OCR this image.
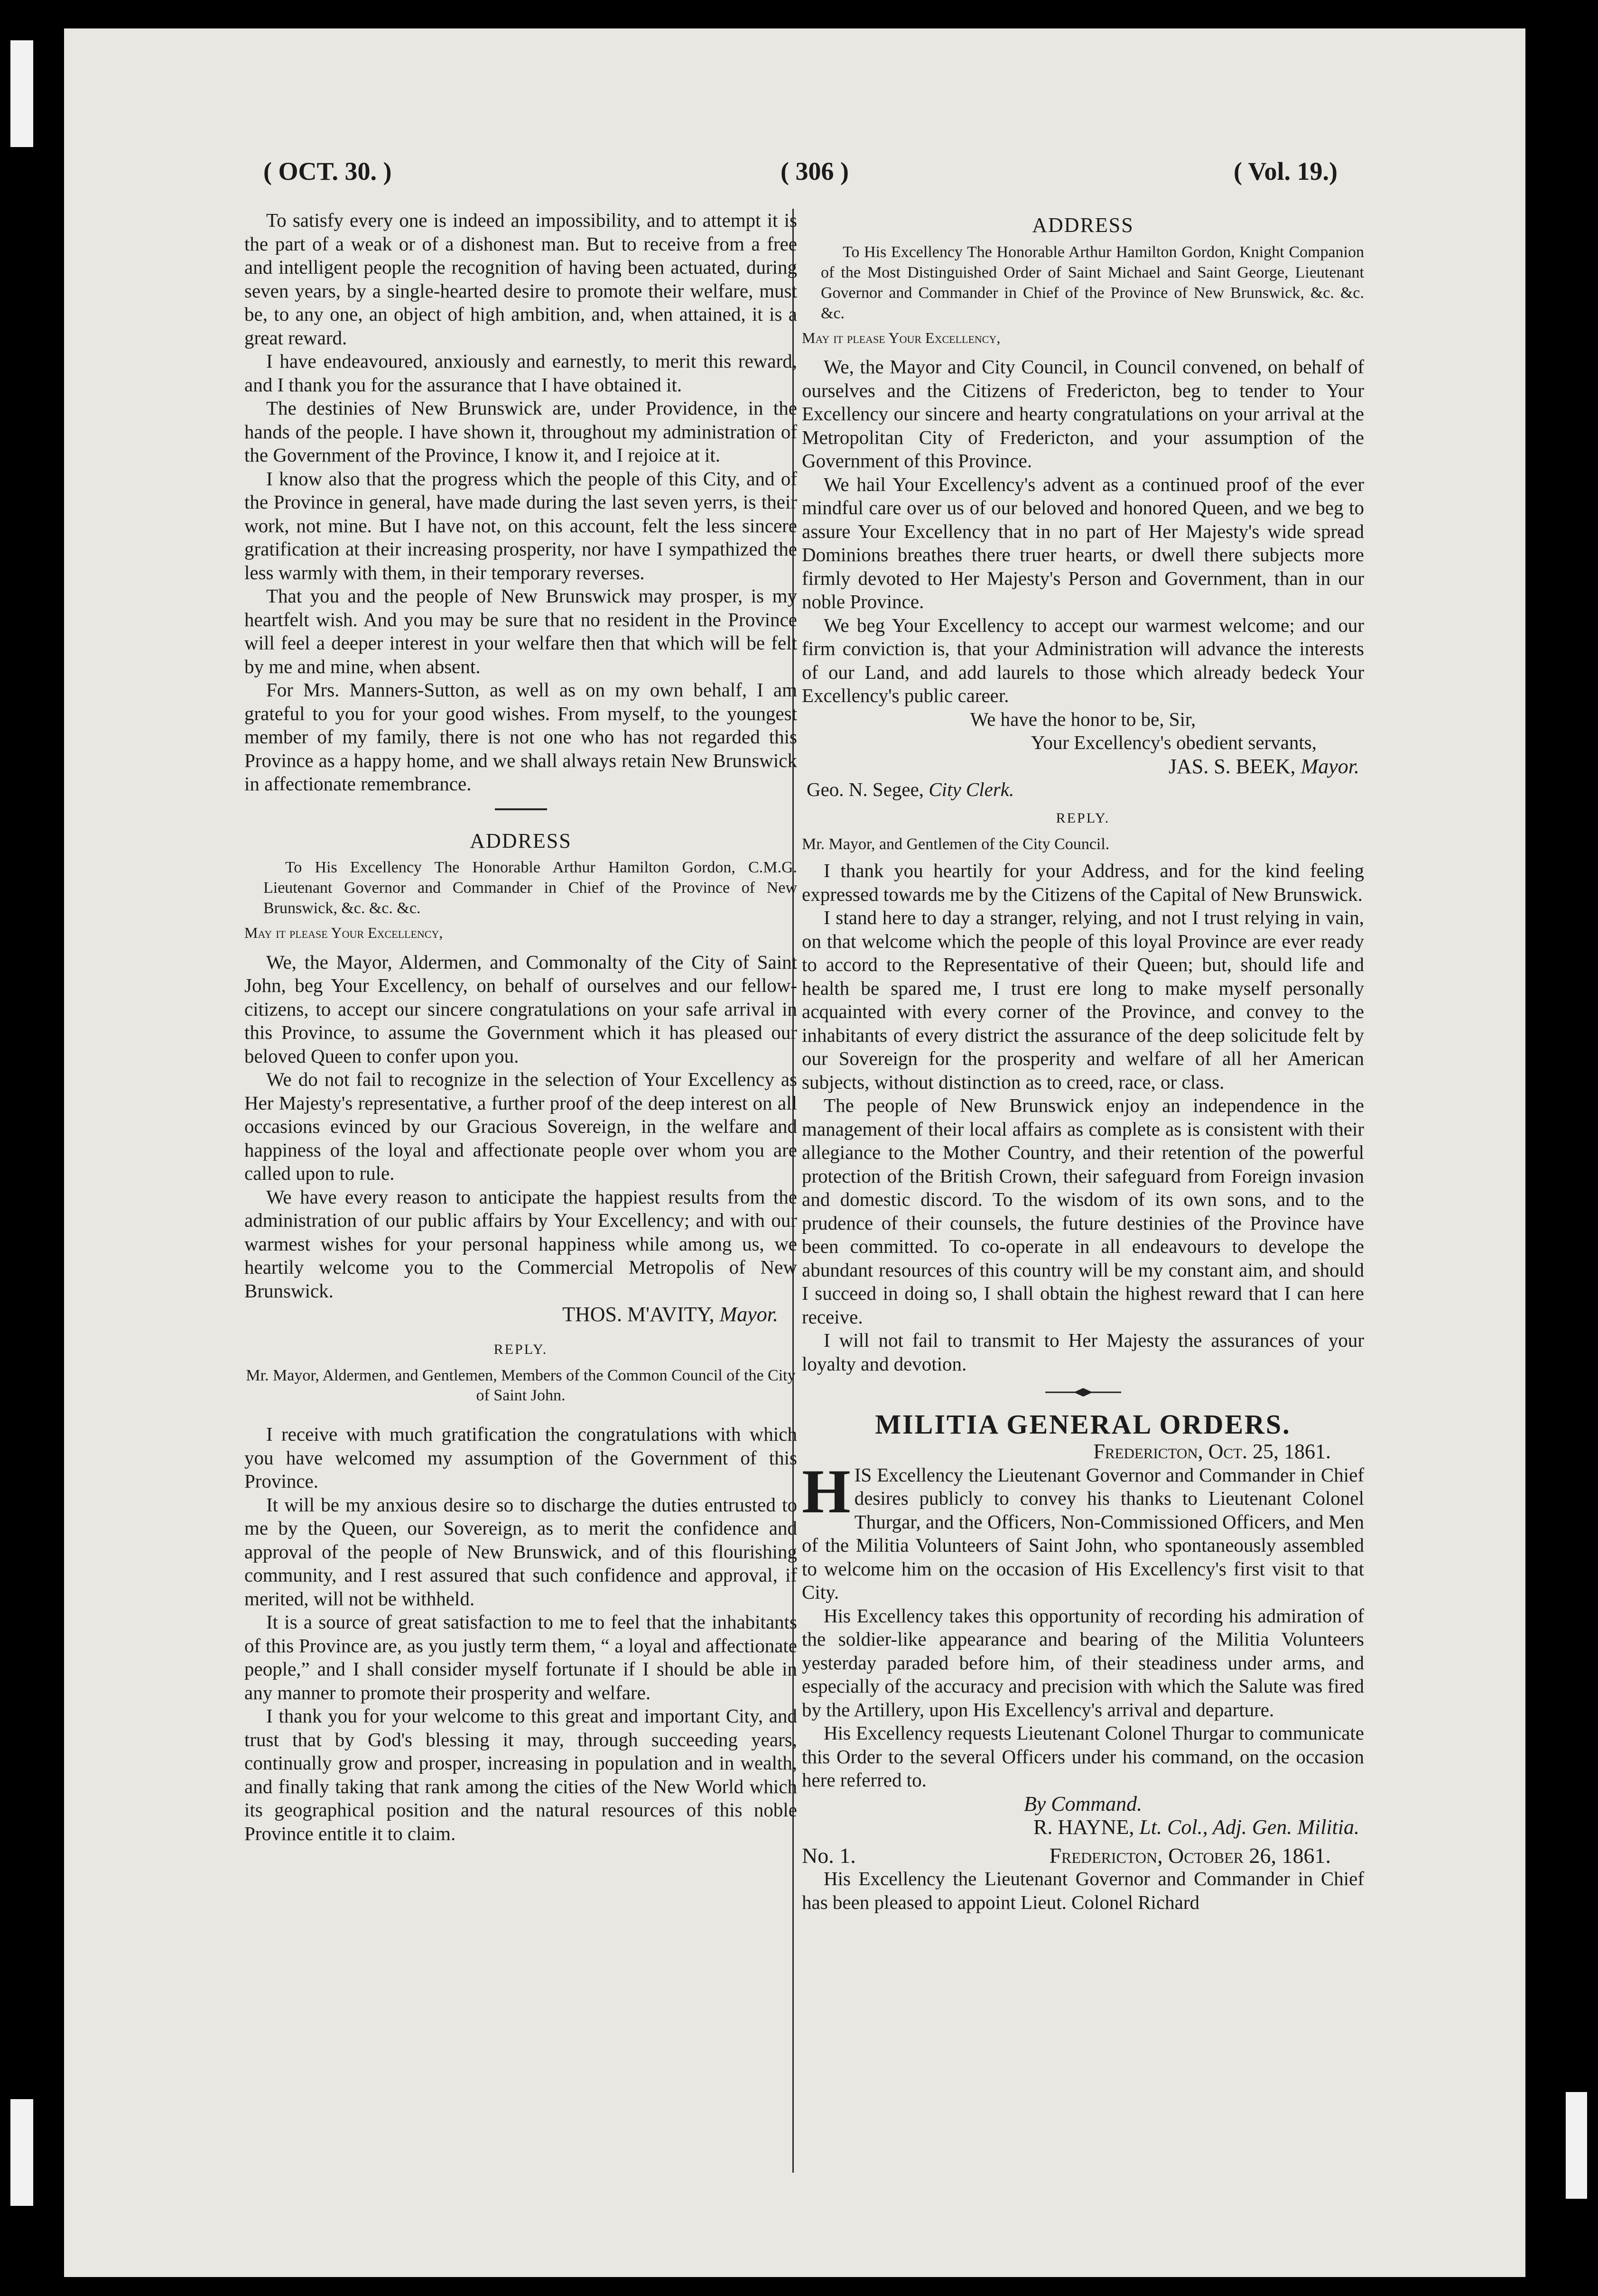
( OCT. 30. )	( 306 )	( Vol. 19.)

To satisfy every one is indeed an impossibility, and to attempt it is the part of a weak or of a dishonest man. But to receive from a free and intelligent people the recognition of having been actuated, during seven years, by a single-hearted desire to promote their welfare, must be, to any one, an object of high ambition, and, when attained, it is a great reward.

I have endeavoured, anxiously and earnestly, to merit this reward, and I thank you for the assurance that I have obtained it.

The destinies of New Brunswick are, under Providence, in the hands of the people. I have shown it, throughout my administration of the Government of the Province, I know it, and I rejoice at it.

I know also that the progress which the people of this City, and of the Province in general, have made during the last seven yerrs, is their work, not mine. But I have not, on this account, felt the less sincere gratification at their increasing prosperity, nor have I sympathized the less warmly with them, in their temporary reverses.

That you and the people of New Brunswick may prosper, is my heartfelt wish. And you may be sure that no resident in the Province will feel a deeper interest in your welfare then that which will be felt by me and mine, when absent.

For Mrs. Manners-Sutton, as well as on my own behalf, I am grateful to you for your good wishes. From myself, to the youngest member of my family, there is not one who has not regarded this Province as a happy home, and we shall always retain New Brunswick in affectionate remembrance.

ADDRESS

To His Excellency The Honorable Arthur Hamilton Gordon, C.M.G. Lieutenant Governor and Commander in Chief of the Province of New Brunswick, &c. &c. &c.

May it please Your Excellency,

We, the Mayor, Aldermen, and Commonalty of the City of Saint John, beg Your Excellency, on behalf of ourselves and our fellow-citizens, to accept our sincere congratulations on your safe arrival in this Province, to assume the Government which it has pleased our beloved Queen to confer upon you.

We do not fail to recognize in the selection of Your Excellency as Her Majesty's representative, a further proof of the deep interest on all occasions evinced by our Gracious Sovereign, in the welfare and happiness of the loyal and affectionate people over whom you are called upon to rule.

We have every reason to anticipate the happiest results from the administration of our public affairs by Your Excellency; and with our warmest wishes for your personal happiness while among us, we heartily welcome you to the Commercial Metropolis of New Brunswick.

THOS. M'AVITY, Mayor.
REPLY.
Mr. Mayor, Aldermen, and Gentlemen, Members of the Common Council of the City of Saint John.

I receive with much gratification the congratulations with which you have welcomed my assumption of the Government of this Province.

It will be my anxious desire so to discharge the duties entrusted to me by the Queen, our Sovereign, as to merit the confidence and approval of the people of New Brunswick, and of this flourishing community, and I rest assured that such confidence and approval, if merited, will not be withheld.

It is a source of great satisfaction to me to feel that the inhabitants of this Province are, as you justly term them, “ a loyal and affectionate people,” and I shall consider myself fortunate if I should be able in any manner to promote their prosperity and welfare.

I thank you for your welcome to this great and important City, and trust that by God's blessing it may, through succeeding years, continually grow and prosper, increasing in population and in wealth, and finally taking that rank among the cities of the New World which its geographical position and the natural resources of this noble Province entitle it to claim.

ADDRESS

To His Excellency The Honorable Arthur Hamilton Gordon, Knight Companion of the Most Distinguished Order of Saint Michael and Saint George, Lieutenant Governor and Commander in Chief of the Province of New Brunswick, &c. &c. &c.

May it please Your Excellency,

We, the Mayor and City Council, in Council convened, on behalf of ourselves and the Citizens of Fredericton, beg to tender to Your Excellency our sincere and hearty congratulations on your arrival at the Metropolitan City of Fredericton, and your assumption of the Government of this Province.

We hail Your Excellency's advent as a continued proof of the ever mindful care over us of our beloved and honored Queen, and we beg to assure Your Excellency that in no part of Her Majesty's wide spread Dominions breathes there truer hearts, or dwell there subjects more firmly devoted to Her Majesty's Person and Government, than in our noble Province.

We beg Your Excellency to accept our warmest welcome; and our firm conviction is, that your Administration will advance the interests of our Land, and add laurels to those which already bedeck Your Excellency's public career.

We have the honor to be, Sir,
Your Excellency's obedient servants,
JAS. S. BEEK, Mayor.
Geo. N. Segee, City Clerk.
REPLY.
Mr. Mayor, and Gentlemen of the City Council.

I thank you heartily for your Address, and for the kind feeling expressed towards me by the Citizens of the Capital of New Brunswick.

I stand here to day a stranger, relying, and not I trust relying in vain, on that welcome which the people of this loyal Province are ever ready to accord to the Representative of their Queen; but, should life and health be spared me, I trust ere long to make myself personally acquainted with every corner of the Province, and convey to the inhabitants of every district the assurance of the deep solicitude felt by our Sovereign for the prosperity and welfare of all her American subjects, without distinction as to creed, race, or class.

The people of New Brunswick enjoy an independence in the management of their local affairs as complete as is consistent with their allegiance to the Mother Country, and their retention of the powerful protection of the British Crown, their safeguard from Foreign invasion and domestic discord. To the wisdom of its own sons, and to the prudence of their counsels, the future destinies of the Province have been committed. To co-operate in all endeavours to develope the abundant resources of this country will be my constant aim, and should I succeed in doing so, I shall obtain the highest reward that I can here receive.

I will not fail to transmit to Her Majesty the assurances of your loyalty and devotion.

MILITIA GENERAL ORDERS.
Fredericton, Oct. 25, 1861.

HIS Excellency the Lieutenant Governor and Commander in Chief desires publicly to convey his thanks to Lieutenant Colonel Thurgar, and the Officers, Non-Commissioned Officers, and Men of the Militia Volunteers of Saint John, who spontaneously assembled to welcome him on the occasion of His Excellency's first visit to that City.

His Excellency takes this opportunity of recording his admiration of the soldier-like appearance and bearing of the Militia Volunteers yesterday paraded before him, of their steadiness under arms, and especially of the accuracy and precision with which the Salute was fired by the Artillery, upon His Excellency's arrival and departure.

His Excellency requests Lieutenant Colonel Thurgar to communicate this Order to the several Officers under his command, on the occasion here referred to.

By Command.
R. HAYNE, Lt. Col., Adj. Gen. Militia.
No. 1.	Fredericton, October 26, 1861.

His Excellency the Lieutenant Governor and Commander in Chief has been pleased to appoint Lieut. Colonel Richard
